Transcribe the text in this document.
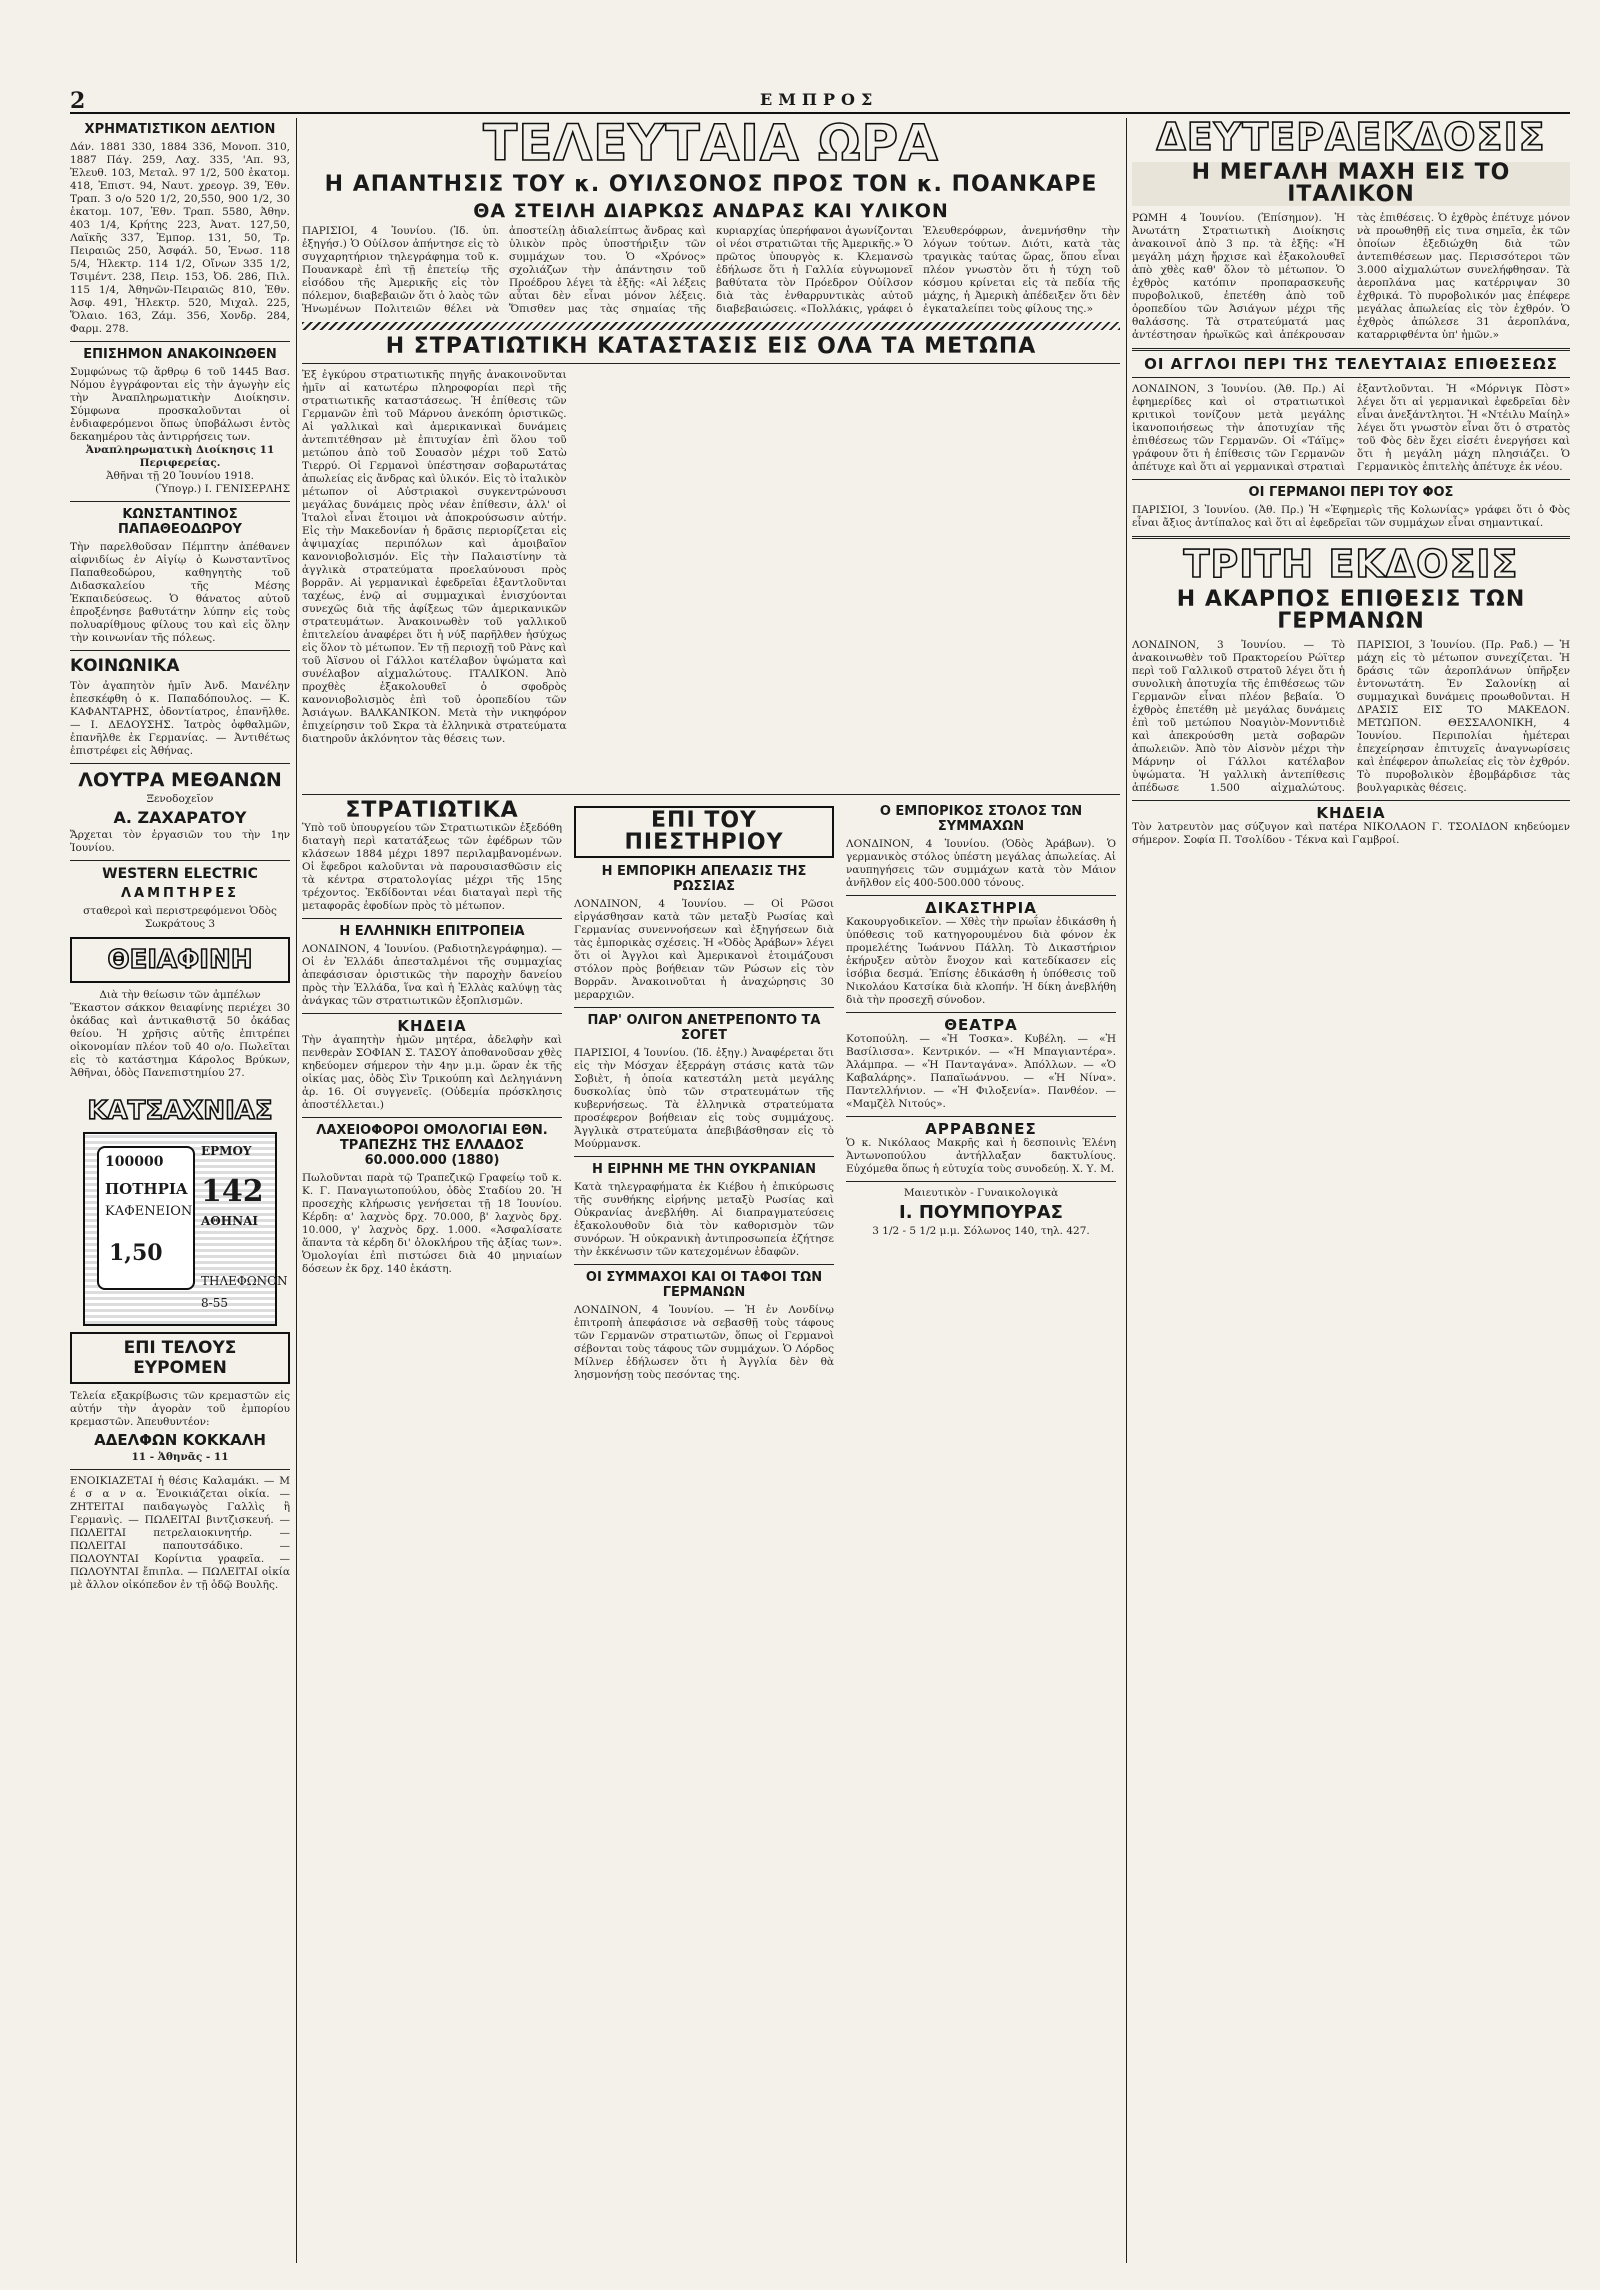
2	ΕΜΠΡΟΣ
ΧΡΗΜΑΤΙΣΤΙΚΟΝ ΔΕΛΤΙΟΝ

Δάν. 1881 330, 1884 336, Μονοπ. 310, 1887 Πάγ. 259, Λαχ. 335, 'Απ. 93, Ἐλευθ. 103, Μεταλ. 97 1/2, 500 ἐκατομ. 418, Ἐπιστ. 94, Ναυτ. χρεογρ. 39, Ἐθν. Τραπ. 3 ο/ο 520 1/2, 20,550, 900 1/2, 30 ἑκατομ. 107, Ἐθν. Τραπ. 5580, Ἀθην. 403 1/4, Κρήτης 223, Ἀνατ. 127,50, Λαϊκῆς 337, Ἐμπορ. 131, 50, Τρ. Πειραιῶς 250, Ἀσφάλ. 50, Ἑνωσ. 118 5/4, Ἡλεκτρ. 114 1/2, Οἴνων 335 1/2, Τσιμέντ. 238, Πειρ. 153, Ὀδ. 286, Πιλ. 115 1/4, Ἀθηνῶν-Πειραιῶς 810, Ἐθν. Ἀσφ. 491, Ἡλεκτρ. 520, Μιχαλ. 225, Ὅλαιο. 163, Ζάμ. 356, Χονδρ. 284, Φαρμ. 278.

ΕΠΙΣΗΜΟΝ ΑΝΑΚΟΙΝΩΘΕΝ

Συμφώνως τῷ ἄρθρῳ 6 τοῦ 1445 Βασ. Νόμου ἐγγράφονται εἰς τὴν ἀγωγὴν εἰς τὴν Ἀναπληρωματικὴν Διοίκησιν. Σύμφωνα προσκαλοῦνται οἱ ἐνδιαφερόμενοι ὅπως ὑποβάλωσι ἐντὸς δεκαημέρου τὰς ἀντιρρήσεις των.

Ἀναπληρωματικὴ Διοίκησις 11 Περιφερείας.

Ἀθῆναι τῇ 20 Ἰουνίου 1918.

(Ὑπογρ.) Ι. ΓΕΝΙΣΕΡΛΗΣ

ΚΩΝΣΤΑΝΤΙΝΟΣ ΠΑΠΑΘΕΟΔΩΡΟΥ

Τὴν παρελθοῦσαν Πέμπτην ἀπέθανεν αἰφνιδίως ἐν Αἰγίῳ ὁ Κωνσταντῖνος Παπαθεοδώρου, καθηγητὴς τοῦ Διδασκαλείου τῆς Μέσης Ἐκπαιδεύσεως. Ὁ θάνατος αὐτοῦ ἐπροξένησε βαθυτάτην λύπην εἰς τοὺς πολυαρίθμους φίλους του καὶ εἰς ὅλην τὴν κοινωνίαν τῆς πόλεως.

ΚΟΙΝΩΝΙΚΑ

Τὸν ἀγαπητὸν ἡμῖν Ἀνδ. Μανέλην ἐπεσκέφθη ὁ κ. Παπαδόπουλος. — Κ. ΚΑΦΑΝΤΑΡΗΣ, ὁδοντίατρος, ἐπανῆλθε. — Ι. ΔΕΔΟΥΣΗΣ. Ἰατρὸς ὀφθαλμῶν, ἐπανῆλθε ἐκ Γερμανίας. — Ἀντιθέτως ἐπιστρέφει εἰς Ἀθήνας.

ΛΟΥΤΡΑ ΜΕΘΑΝΩΝ

Ξενοδοχεῖον

Α. ΖΑΧΑΡΑΤΟΥ

Ἄρχεται τὸν ἐργασιῶν του τὴν 1ην Ἰουνίου.

WESTERN ELECTRIC
ΛΑΜΠΤΗΡΕΣ

σταθεροὶ καὶ περιστρεφόμενοι Ὁδὸς Σωκράτους 3

ΘΕΙΑΦΙΝΗ

Διὰ τὴν θείωσιν τῶν ἀμπέλων

Ἕκαστον σάκκον θειαφίνης περιέχει 30 ὀκάδας καὶ ἀντικαθιστᾷ 50 ὀκάδας θείου. Ἡ χρῆσις αὐτῆς ἐπιτρέπει οἰκονομίαν πλέον τοῦ 40 ο/ο. Πωλεῖται εἰς τὸ κατάστημα Κάρολος Βρύκων, Ἀθῆναι, ὁδὸς Πανεπιστημίου 27.

ΚΑΤΣΑΧΝΙΑΣ
100000
ΠΟΤΗΡΙΑ
ΚΑΦΕΝΕΙΟΝ
1,50
ΕΡΜΟΥ
142
ΑΘΗΝΑΙ
ΤΗΛΕΦΩΝΟΝ
8-55
ΕΠΙ ΤΕΛΟΥΣ ΕΥΡΟΜΕΝ

Τελεία εξακρίβωσις τῶν κρεμαστῶν εἰς αὐτήν τὴν ἀγορὰν τοῦ ἐμπορίου κρεμαστῶν. Ἀπευθυντέον:

ΑΔΕΛΦΩΝ ΚΟΚΚΑΛΗ

11 - Ἀθηνᾶς - 11

ΕΝΟΙΚΙΑΖΕΤΑΙ ἡ θέσις Καλαμάκι. — Μ έ σ α ν α. Ἐνοικιάζεται οἰκία. — ΖΗΤΕΙΤΑΙ παιδαγωγὸς Γαλλὶς ἢ Γερμανὶς. — ΠΩΛΕΙΤΑΙ βιντζισκευή. — ΠΩΛΕΙΤΑΙ πετρελαιοκινητήρ. — ΠΩΛΕΙΤΑΙ παπουτσάδικο. — ΠΩΛΟΥΝΤΑΙ Κορίντια γραφεῖα. — ΠΩΛΟΥΝΤΑΙ ἔπιπλα. — ΠΩΛΕΙΤΑΙ οἰκία μὲ ἄλλον οἰκόπεδον ἐν τῇ ὁδῷ Βουλῆς.

ΤΕΛΕΥΤΑΙΑ ΩΡΑ
Η ΑΠΑΝΤΗΣΙΣ ΤΟΥ κ. ΟΥΙΛΣΟΝΟΣ ΠΡΟΣ ΤΟΝ κ. ΠΟΑΝΚΑΡΕ
ΘΑ ΣΤΕΙΛΗ ΔΙΑΡΚΩΣ ΑΝΔΡΑΣ ΚΑΙ ΥΛΙΚΟΝ

ΠΑΡΙΣΙΟΙ, 4 Ἰουνίου. (Ἰδ. ὑπ. ἐξηγήσ.) Ὁ Οὐίλσον ἀπήντησε εἰς τὸ συγχαρητήριον τηλεγράφημα τοῦ κ. Πουανκαρὲ ἐπὶ τῇ ἐπετείῳ τῆς εἰσόδου τῆς Ἀμερικῆς εἰς τὸν πόλεμον, διαβεβαιῶν ὅτι ὁ λαὸς τῶν Ἡνωμένων Πολιτειῶν θέλει νὰ ἀποστείλῃ ἀδιαλείπτως ἄνδρας καὶ ὑλικὸν πρὸς ὑποστήριξιν τῶν συμμάχων του. Ὁ «Χρόνος» σχολιάζων τὴν ἀπάντησιν τοῦ Προέδρου λέγει τὰ ἑξῆς: «Αἱ λέξεις αὗται δὲν εἶναι μόνον λέξεις. Ὅπισθεν μας τὰς σημαίας τῆς κυριαρχίας ὑπερήφανοι ἀγωνίζονται οἱ νέοι στρατιῶται τῆς Ἀμερικῆς.» Ὁ πρῶτος ὑπουργὸς κ. Κλεμανσὼ ἐδήλωσε ὅτι ἡ Γαλλία εὐγνωμονεῖ βαθύτατα τὸν Πρόεδρον Οὐίλσον διὰ τὰς ἐνθαρρυντικὰς αὐτοῦ διαβεβαιώσεις. «Πολλάκις, γράφει ὁ Ἐλευθερόφρων, ἀνεμνήσθην τὴν λόγων τούτων. Διότι, κατὰ τὰς τραγικὰς ταύτας ὥρας, ὅπου εἶναι πλέον γνωστὸν ὅτι ἡ τύχη τοῦ κόσμου κρίνεται εἰς τὰ πεδία τῆς μάχης, ἡ Ἀμερικὴ ἀπέδειξεν ὅτι δὲν ἐγκαταλείπει τοὺς φίλους της.»

Η ΣΤΡΑΤΙΩΤΙΚΗ ΚΑΤΑΣΤΑΣΙΣ ΕΙΣ ΟΛΑ ΤΑ ΜΕΤΩΠΑ

Ἐξ ἐγκύρου στρατιωτικῆς πηγῆς ἀνακοινοῦνται ἡμῖν αἱ κατωτέρω πληροφορίαι περὶ τῆς στρατιωτικῆς καταστάσεως. Ἡ ἐπίθεσις τῶν Γερμανῶν ἐπὶ τοῦ Μάρνου ἀνεκόπη ὁριστικῶς. Αἱ γαλλικαὶ καὶ ἀμερικανικαὶ δυνάμεις ἀντεπιτέθησαν μὲ ἐπιτυχίαν ἐπὶ ὅλου τοῦ μετώπου ἀπὸ τοῦ Σουασὸν μέχρι τοῦ Σατὼ Τιερρύ. Οἱ Γερμανοὶ ὑπέστησαν σοβαρωτάτας ἀπωλείας εἰς ἄνδρας καὶ ὑλικόν. Εἰς τὸ ἰταλικὸν μέτωπον οἱ Αὐστριακοὶ συγκεντρώνουσι μεγάλας δυνάμεις πρὸς νέαν ἐπίθεσιν, ἀλλ' οἱ Ἰταλοὶ εἶναι ἕτοιμοι νὰ ἀποκρούσωσιν αὐτήν. Εἰς τὴν Μακεδονίαν ἡ δρᾶσις περιορίζεται εἰς ἀψιμαχίας περιπόλων καὶ ἀμοιβαῖον κανονιοβολισμόν. Εἰς τὴν Παλαιστίνην τὰ ἀγγλικὰ στρατεύματα προελαύνουσι πρὸς βορρᾶν. Αἱ γερμανικαὶ ἐφεδρεῖαι ἐξαντλοῦνται ταχέως, ἐνῷ αἱ συμμαχικαὶ ἐνισχύονται συνεχῶς διὰ τῆς ἀφίξεως τῶν ἀμερικανικῶν στρατευμάτων. Ἀνακοινωθὲν τοῦ γαλλικοῦ ἐπιτελείου ἀναφέρει ὅτι ἡ νύξ παρῆλθεν ἡσύχως εἰς ὅλον τὸ μέτωπον. Ἐν τῇ περιοχῇ τοῦ Ρὰνς καὶ τοῦ Ἀϊσνου οἱ Γάλλοι κατέλαβον ὑψώματα καὶ συνέλαβον αἰχμαλώτους. ΙΤΑΛΙΚΟΝ. Ἀπὸ προχθὲς ἐξακολουθεῖ ὁ σφοδρὸς κανονιοβολισμὸς ἐπὶ τοῦ ὀροπεδίου τῶν Ἀσιάγων. ΒΑΛΚΑΝΙΚΟΝ. Μετὰ τὴν νικηφόρον ἐπιχείρησιν τοῦ Σκρα τὰ ἑλληνικὰ στρατεύματα διατηροῦν ἀκλόνητον τὰς θέσεις των.

ΣΤΡΑΤΙΩΤΙΚΑ

Ὑπὸ τοῦ ὑπουργείου τῶν Στρατιωτικῶν ἐξεδόθη διαταγὴ περὶ κατατάξεως τῶν ἐφέδρων τῶν κλάσεων 1884 μέχρι 1897 περιλαμβανομένων. Οἱ ἔφεδροι καλοῦνται νὰ παρουσιασθῶσιν εἰς τὰ κέντρα στρατολογίας μέχρι τῆς 15ης τρέχοντος. Ἐκδίδονται νέαι διαταγαὶ περὶ τῆς μεταφορᾶς ἐφοδίων πρὸς τὸ μέτωπον.

Η ΕΛΛΗΝΙΚΗ ΕΠΙΤΡΟΠΕΙΑ

ΛΟΝΔΙΝΟΝ, 4 Ἰουνίου. (Ραδιοτηλεγράφημα). — Οἱ ἐν Ἑλλάδι ἀπεσταλμένοι τῆς συμμαχίας ἀπεφάσισαν ὁριστικῶς τὴν παροχὴν δανείου πρὸς τὴν Ἑλλάδα, ἵνα καὶ ἡ Ἑλλὰς καλύψῃ τὰς ἀνάγκας τῶν στρατιωτικῶν ἐξοπλισμῶν.

ΚΗΔΕΙΑ

Τὴν ἀγαπητὴν ἡμῶν μητέρα, ἀδελφὴν καὶ πενθερὰν ΣΟΦΙΑΝ Σ. ΤΑΣΟΥ ἀποθανοῦσαν χθὲς κηδεύομεν σήμερον τὴν 4ην μ.μ. ὥραν ἐκ τῆς οἰκίας μας, ὁδὸς Σὶν Τρικούπη καὶ Δεληγιάννη ἀρ. 16. Οἱ συγγενεῖς. (Οὐδεμία πρόσκλησις ἀποστέλλεται.)

ΛΑΧΕΙΟΦΟΡΟΙ ΟΜΟΛΟΓΙΑΙ ΕΘΝ. ΤΡΑΠΕΖΗΣ ΤΗΣ ΕΛΛΑΔΟΣ 60.000.000 (1880)

Πωλοῦνται παρὰ τῷ Τραπεζικῷ Γραφείῳ τοῦ κ. Κ. Γ. Παναγιωτοπούλου, ὁδὸς Σταδίου 20. Ἡ προσεχὴς κλήρωσις γενήσεται τῇ 18 Ἰουνίου. Κέρδη: α' λαχνὸς δρχ. 70.000, β' λαχνὸς δρχ. 10.000, γ' λαχνὸς δρχ. 1.000. «Ἀσφαλίσατε ἅπαντα τὰ κέρδη δι' ὁλοκλήρου τῆς ἀξίας των». Ὁμολογίαι ἐπὶ πιστώσει διὰ 40 μηνιαίων δόσεων ἐκ δρχ. 140 ἑκάστη.

ΕΠΙ ΤΟΥ ΠΙΕΣΤΗΡΙΟΥ
Η ΕΜΠΟΡΙΚΗ ΑΠΕΛΑΣΙΣ ΤΗΣ ΡΩΣΣΙΑΣ

ΛΟΝΔΙΝΟΝ, 4 Ἰουνίου. — Οἱ Ρῶσοι εἰργάσθησαν κατὰ τῶν μεταξὺ Ρωσίας καὶ Γερμανίας συνεννοήσεων καὶ ἐξηγήσεων διὰ τὰς ἐμπορικὰς σχέσεις. Ἡ «Ὀδὸς Ἀράβων» λέγει ὅτι οἱ Ἀγγλοι καὶ Ἀμερικανοὶ ἑτοιμάζουσι στόλον πρὸς βοήθειαν τῶν Ρώσων εἰς τὸν Βορρᾶν. Ἀνακοινοῦται ἡ ἀναχώρησις 30 μεραρχιῶν.

ΠΑΡ' ΟΛΙΓΟΝ ΑΝΕΤΡΕΠΟΝΤΟ ΤΑ ΣΟΓΕΤ

ΠΑΡΙΣΙΟΙ, 4 Ἰουνίου. (Ἰδ. ἐξηγ.) Ἀναφέρεται ὅτι εἰς τὴν Μόσχαν ἐξερράγη στάσις κατὰ τῶν Σοβιὲτ, ἡ ὁποία κατεστάλη μετὰ μεγάλης δυσκολίας ὑπὸ τῶν στρατευμάτων τῆς κυβερνήσεως. Τὰ ἑλληνικὰ στρατεύματα προσέφερον βοήθειαν εἰς τοὺς συμμάχους. Ἀγγλικὰ στρατεύματα ἀπεβιβάσθησαν εἰς τὸ Μούρμανσκ.

Η ΕΙΡΗΝΗ ΜΕ ΤΗΝ ΟΥΚΡΑΝΙΑΝ

Κατὰ τηλεγραφήματα ἐκ Κιέβου ἡ ἐπικύρωσις τῆς συνθήκης εἰρήνης μεταξὺ Ρωσίας καὶ Οὐκρανίας ἀνεβλήθη. Αἱ διαπραγματεύσεις ἐξακολουθοῦν διὰ τὸν καθορισμὸν τῶν συνόρων. Ἡ οὐκρανικὴ ἀντιπροσωπεία ἐζήτησε τὴν ἐκκένωσιν τῶν κατεχομένων ἐδαφῶν.

ΟΙ ΣΥΜΜΑΧΟΙ ΚΑΙ ΟΙ ΤΑΦΟΙ ΤΩΝ ΓΕΡΜΑΝΩΝ

ΛΟΝΔΙΝΟΝ, 4 Ἰουνίου. — Ἡ ἐν Λονδίνῳ ἐπιτροπὴ ἀπεφάσισε νὰ σεβασθῇ τοὺς τάφους τῶν Γερμανῶν στρατιωτῶν, ὅπως οἱ Γερμανοὶ σέβονται τοὺς τάφους τῶν συμμάχων. Ὁ Λόρδος Μίλνερ ἐδήλωσεν ὅτι ἡ Ἀγγλία δὲν θὰ λησμονήσῃ τοὺς πεσόντας της.

Ο ΕΜΠΟΡΙΚΟΣ ΣΤΟΛΟΣ ΤΩΝ ΣΥΜΜΑΧΩΝ

ΛΟΝΔΙΝΟΝ, 4 Ἰουνίου. (Ὁδὸς Ἀράβων). Ὁ γερμανικὸς στόλος ὑπέστη μεγάλας ἀπωλείας. Αἱ ναυπηγήσεις τῶν συμμάχων κατὰ τὸν Μάιον ἀνῆλθον εἰς 400-500.000 τόνους.

ΔΙΚΑΣΤΗΡΙΑ

Κακουργοδικεῖον. — Χθὲς τὴν πρωΐαν ἐδικάσθη ἡ ὑπόθεσις τοῦ κατηγορουμένου διὰ φόνον ἐκ προμελέτης Ἰωάννου Πάλλη. Τὸ Δικαστήριον ἐκήρυξεν αὐτὸν ἔνοχον καὶ κατεδίκασεν εἰς ἰσόβια δεσμά. Ἐπίσης ἐδικάσθη ἡ ὑπόθεσις τοῦ Νικολάου Κατσίκα διὰ κλοπήν. Ἡ δίκη ἀνεβλήθη διὰ τὴν προσεχῆ σύνοδον.

ΘΕΑΤΡΑ

Κοτοπούλη. — «Ἡ Τοσκα». Κυβέλη. — «Ἡ Βασίλισσα». Κεντρικόν. — «Ἡ Μπαγιαντέρα». Ἀλάμπρα. — «Ἡ Πανταγάνα». Ἀπόλλων. — «Ὁ Καβαλάρης». Παπαϊωάννου. — «Ἡ Νίνα». Παντελλήνιον. — «Ἡ Φιλοξενία». Πανθέον. — «Μαμζὲλ Νιτούς».

ΑΡΡΑΒΩΝΕΣ

Ὁ κ. Νικόλαος Μακρῆς καὶ ἡ δεσποινὶς Ἑλένη Ἀντωνοπούλου ἀντήλλαξαν δακτυλίους. Εὐχόμεθα ὅπως ἡ εὐτυχία τοὺς συνοδεύῃ. Χ. Υ. Μ.

Μαιευτικὸν - Γυναικολογικὰ

Ι. ΠΟΥΜΠΟΥΡΑΣ

3 1/2 - 5 1/2 μ.μ. Σόλωνος 140, τηλ. 427.

ΔΕΥΤΕΡΑΕΚΔΟΣΙΣ
Η ΜΕΓΑΛΗ ΜΑΧΗ ΕΙΣ ΤΟ ΙΤΑΛΙΚΟΝ

ΡΩΜΗ 4 Ἰουνίου. (Ἐπίσημον). Ἡ Ἀνωτάτη Στρατιωτικὴ Διοίκησις ἀνακοινοῖ ἀπὸ 3 πρ. τὰ ἑξῆς: «Ἡ μεγάλη μάχη ἤρχισε καὶ ἐξακολουθεῖ ἀπὸ χθὲς καθ' ὅλον τὸ μέτωπον. Ὁ ἐχθρὸς κατόπιν προπαρασκευῆς πυροβολικοῦ, ἐπετέθη ἀπὸ τοῦ ὀροπεδίου τῶν Ἀσιάγων μέχρι τῆς θαλάσσης. Τὰ στρατεύματά μας ἀντέστησαν ἡρωϊκῶς καὶ ἀπέκρουσαν τὰς ἐπιθέσεις. Ὁ ἐχθρὸς ἐπέτυχε μόνον νὰ προωθηθῇ εἰς τινα σημεῖα, ἐκ τῶν ὁποίων ἐξεδιώχθη διὰ τῶν ἀντεπιθέσεων μας. Περισσότεροι τῶν 3.000 αἰχμαλώτων συνελήφθησαν. Τὰ ἀεροπλάνα μας κατέρριψαν 30 ἐχθρικά. Τὸ πυροβολικόν μας ἐπέφερε μεγάλας ἀπωλείας εἰς τὸν ἐχθρόν. Ὁ ἐχθρὸς ἀπώλεσε 31 ἀεροπλάνα, καταρριφθέντα ὑπ' ἡμῶν.»

ΟΙ ΑΓΓΛΟΙ ΠΕΡΙ ΤΗΣ ΤΕΛΕΥΤΑΙΑΣ ΕΠΙΘΕΣΕΩΣ

ΛΟΝΔΙΝΟΝ, 3 Ἰουνίου. (Ἀθ. Πρ.) Αἱ ἐφημερίδες καὶ οἱ στρατιωτικοὶ κριτικοὶ τονίζουν μετὰ μεγάλης ἱκανοποιήσεως τὴν ἀποτυχίαν τῆς ἐπιθέσεως τῶν Γερμανῶν. Οἱ «Τάϊμς» γράφουν ὅτι ἡ ἐπίθεσις τῶν Γερμανῶν ἀπέτυχε καὶ ὅτι αἱ γερμανικαὶ στρατιαὶ ἐξαντλοῦνται. Ἡ «Μόρνιγκ Πὸστ» λέγει ὅτι αἱ γερμανικαὶ ἐφεδρεῖαι δὲν εἶναι ἀνεξάντλητοι. Ἡ «Ντέιλυ Μαίηλ» λέγει ὅτι γνωστὸν εἶναι ὅτι ὁ στρατὸς τοῦ Φὸς δὲν ἔχει εἰσέτι ἐνεργήσει καὶ ὅτι ἡ μεγάλη μάχη πλησιάζει. Ὁ Γερμανικὸς ἐπιτελὴς ἀπέτυχε ἐκ νέου.

ΟΙ ΓΕΡΜΑΝΟΙ ΠΕΡΙ ΤΟΥ ΦΟΣ

ΠΑΡΙΣΙΟΙ, 3 Ἰουνίου. (Ἀθ. Πρ.) Ἡ «Ἐφημερὶς τῆς Κολωνίας» γράφει ὅτι ὁ Φὸς εἶναι ἄξιος ἀντίπαλος καὶ ὅτι αἱ ἐφεδρεῖαι τῶν συμμάχων εἶναι σημαντικαί.

ΤΡΙΤΗ ΕΚΔΟΣΙΣ
Η ΑΚΑΡΠΟΣ ΕΠΙΘΕΣΙΣ ΤΩΝ ΓΕΡΜΑΝΩΝ

ΛΟΝΔΙΝΟΝ, 3 Ἰουνίου. — Τὸ ἀνακοινωθὲν τοῦ Πρακτορείου Ρώϊτερ περὶ τοῦ Γαλλικοῦ στρατοῦ λέγει ὅτι ἡ συνολικὴ ἀποτυχία τῆς ἐπιθέσεως τῶν Γερμανῶν εἶναι πλέον βεβαία. Ὁ ἐχθρὸς ἐπετέθη μὲ μεγάλας δυνάμεις ἐπὶ τοῦ μετώπου Νοαγιὸν-Μονντιδιὲ καὶ ἀπεκρούσθη μετὰ σοβαρῶν ἀπωλειῶν. Ἀπὸ τὸν Αἰσνὸν μέχρι τὴν Μάρνην οἱ Γάλλοι κατέλαβον ὑψώματα. Ἡ γαλλικὴ ἀντεπίθεσις ἀπέδωσε 1.500 αἰχμαλώτους. ΠΑΡΙΣΙΟΙ, 3 Ἰουνίου. (Πρ. Ραδ.) — Ἡ μάχη εἰς τὸ μέτωπον συνεχίζεται. Ἡ δράσις τῶν ἀεροπλάνων ὑπῆρξεν ἐντονωτάτη. Ἐν Σαλονίκῃ αἱ συμμαχικαὶ δυνάμεις προωθοῦνται. Η ΔΡΑΣΙΣ ΕΙΣ ΤΟ ΜΑΚΕΔΟΝ. ΜΕΤΩΠΟΝ. ΘΕΣΣΑΛΟΝΙΚΗ, 4 Ἰουνίου. Περιπολίαι ἡμέτεραι ἐπεχείρησαν ἐπιτυχεῖς ἀναγνωρίσεις καὶ ἐπέφερον ἀπωλείας εἰς τὸν ἐχθρόν. Τὸ πυροβολικὸν ἐβομβάρδισε τὰς βουλγαρικὰς θέσεις.

ΚΗΔΕΙΑ

Τὸν λατρευτὸν μας σύζυγον καὶ πατέρα ΝΙΚΟΛΑΟΝ Γ. ΤΣΟΛΙΔΟΝ κηδεύομεν σήμερον. Σοφία Π. Τσολίδου - Τέκνα καὶ Γαμβροί.
